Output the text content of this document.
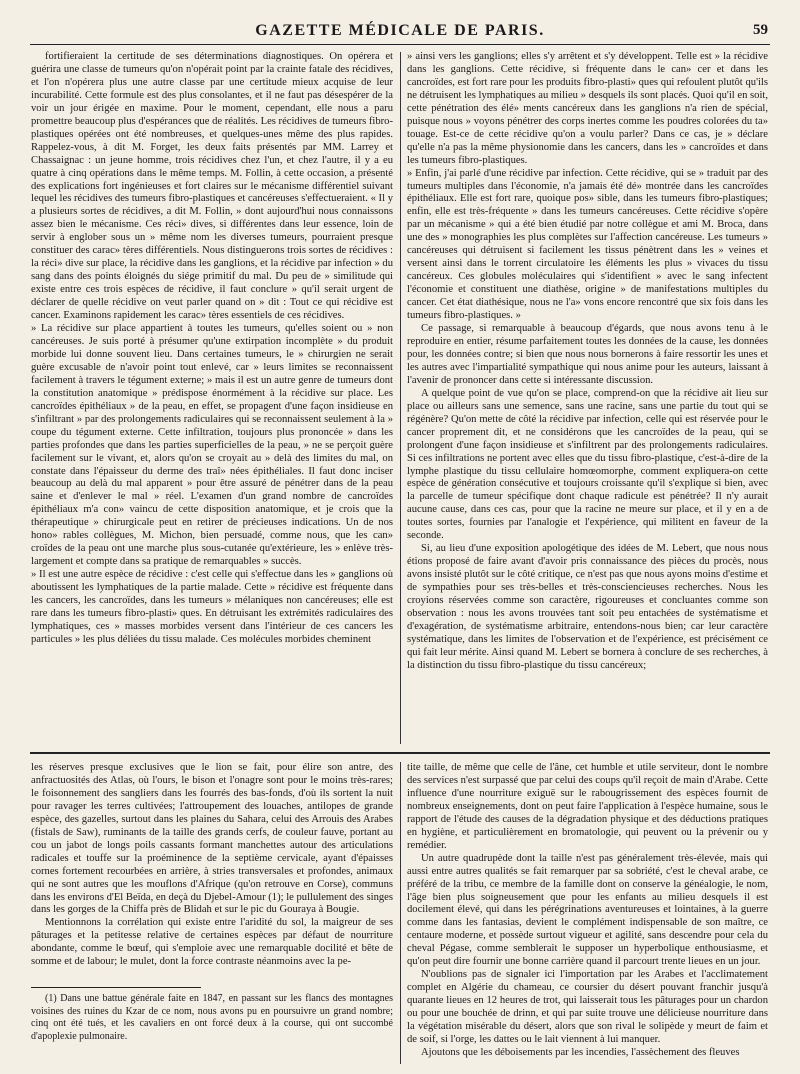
GAZETTE MÉDICALE DE PARIS.	59

fortifieraient la certitude de ses déterminations diagnostiques. On opérera et guérira une classe de tumeurs qu'on n'opérait point par la crainte fatale des récidives, et l'on n'opérera plus une autre classe par une certitude mieux acquise de leur incurabilité. Cette formule est des plus consolantes, et il ne faut pas désespérer de la voir un jour érigée en maxime. Pour le moment, cependant, elle nous a paru promettre beaucoup plus d'espérances que de réalités. Les récidives de tumeurs fibro-plastiques opérées ont été nombreuses, et quelques-unes même des plus rapides. Rappelez-vous, à dit M. Forget, les deux faits présentés par MM. Larrey et Chassaignac : un jeune homme, trois récidives chez l'un, et chez l'autre, il y a eu quatre à cinq opérations dans le même temps. M. Follin, à cette occasion, a présenté des explications fort ingénieuses et fort claires sur le mécanisme différentiel suivant lequel les récidives des tumeurs fibro-plastiques et cancéreuses s'effectueraient. « Il y a plusieurs sortes de récidives, a dit M. Follin, » dont aujourd'hui nous connaissons assez bien le mécanisme. Ces réci» dives, si différentes dans leur essence, loin de servir à englober sous un » même nom les diverses tumeurs, pourraient presque constituer des carac» tères différentiels. Nous distinguerons trois sortes de récidives : la réci» dive sur place, la récidive dans les ganglions, et la récidive par infection » du sang dans des points éloignés du siége primitif du mal. Du peu de » similitude qui existe entre ces trois espèces de récidive, il faut conclure » qu'il serait urgent de déclarer de quelle récidive on veut parler quand on » dit : Tout ce qui récidive est cancer. Examinons rapidement les carac» tères essentiels de ces récidives.

» La récidive sur place appartient à toutes les tumeurs, qu'elles soient ou » non cancéreuses. Je suis porté à présumer qu'une extirpation incomplète » du produit morbide lui donne souvent lieu. Dans certaines tumeurs, le » chirurgien ne serait guère excusable de n'avoir point tout enlevé, car » leurs limites se reconnaissent facilement à travers le tégument externe; » mais il est un autre genre de tumeurs dont la constitution anatomique » prédispose énormément à la récidive sur place. Les cancroïdes épithéliaux » de la peau, en effet, se propagent d'une façon insidieuse en s'infiltrant » par des prolongements radiculaires qui se reconnaissent seulement à la » coupe du tégument externe. Cette infiltration, toujours plus prononcée » dans les parties profondes que dans les parties superficielles de la peau, » ne se perçoit guère facilement sur le vivant, et, alors qu'on se croyait au » delà des limites du mal, on constate dans l'épaisseur du derme des traî» nées épithéliales. Il faut donc inciser beaucoup au delà du mal apparent » pour être assuré de pénétrer dans de la peau saine et d'enlever le mal » réel. L'examen d'un grand nombre de cancroïdes épithéliaux m'a con» vaincu de cette disposition anatomique, et je crois que la thérapeutique » chirurgicale peut en retirer de précieuses indications. Un de nos hono» rables collègues, M. Michon, bien persuadé, comme nous, que les can» croïdes de la peau ont une marche plus sous-cutanée qu'extérieure, les » enlève très-largement et compte dans sa pratique de remarquables » succès.

» Il est une autre espèce de récidive : c'est celle qui s'effectue dans les » ganglions où aboutissent les lymphatiques de la partie malade. Cette » récidive est fréquente dans les cancers, les cancroïdes, dans les tumeurs » mélaniques non cancéreuses; elle est rare dans les tumeurs fibro-plasti» ques. En détruisant les extrémités radiculaires des lymphatiques, ces » masses morbides versent dans l'intérieur de ces cancers les particules » les plus déliées du tissu malade. Ces molécules morbides cheminent

» ainsi vers les ganglions; elles s'y arrêtent et s'y développent. Telle est » la récidive dans les ganglions. Cette récidive, si fréquente dans le can» cer et dans les cancroïdes, est fort rare pour les produits fibro-plasti» ques qui refoulent plutôt qu'ils ne détruisent les lymphatiques au milieu » desquels ils sont placés. Quoi qu'il en soit, cette pénétration des élé» ments cancéreux dans les ganglions n'a rien de spécial, puisque nous » voyons pénétrer des corps inertes comme les poudres colorées du ta» touage. Est-ce de cette récidive qu'on a voulu parler? Dans ce cas, je » déclare qu'elle n'a pas la même physionomie dans les cancers, dans les » cancroïdes et dans les tumeurs fibro-plastiques.

» Enfin, j'ai parlé d'une récidive par infection. Cette récidive, qui se » traduit par des tumeurs multiples dans l'économie, n'a jamais été dé» montrée dans les cancroïdes épithéliaux. Elle est fort rare, quoique pos» sible, dans les tumeurs fibro-plastiques; enfin, elle est très-fréquente » dans les tumeurs cancéreuses. Cette récidive s'opère par un mécanisme » qui a été bien étudié par notre collègue et ami M. Broca, dans une des » monographies les plus complètes sur l'affection cancéreuse. Les tumeurs » cancéreuses qui détruisent si facilement les tissus pénètrent dans les » veines et versent ainsi dans le torrent circulatoire les éléments les plus » vivaces du tissu cancéreux. Ces globules moléculaires qui s'identifient » avec le sang infectent l'économie et constituent une diathèse, origine » de manifestations multiples du cancer. Cet état diathésique, nous ne l'a» vons encore rencontré que six fois dans les tumeurs fibro-plastiques. »

Ce passage, si remarquable à beaucoup d'égards, que nous avons tenu à le reproduire en entier, résume parfaitement toutes les données de la cause, les données pour, les données contre; si bien que nous nous bornerons à faire ressortir les unes et les autres avec l'impartialité sympathique qui nous anime pour les auteurs, laissant à l'avenir de prononcer dans cette si intéressante discussion.

A quelque point de vue qu'on se place, comprend-on que la récidive ait lieu sur place ou ailleurs sans une semence, sans une racine, sans une partie du tout qui se régénère? Qu'on mette de côté la récidive par infection, celle qui est réservée pour le cancer proprement dit, et ne considérons que les cancroïdes de la peau, qui se prolongent d'une façon insidieuse et s'infiltrent par des prolongements radiculaires. Si ces infiltrations ne portent avec elles que du tissu fibro-plastique, c'est-à-dire de la lymphe plastique du tissu cellulaire homœomorphe, comment expliquera-on cette espèce de génération consécutive et toujours croissante qu'il s'explique si bien, avec la parcelle de tumeur spécifique dont chaque radicule est pénétrée? Il n'y aurait aucune cause, dans ces cas, pour que la racine ne meure sur place, et il y en a de toutes sortes, fournies par l'analogie et l'expérience, qui militent en faveur de la seconde.

Si, au lieu d'une exposition apologétique des idées de M. Lebert, que nous nous étions proposé de faire avant d'avoir pris connaissance des pièces du procès, nous avons insisté plutôt sur le côté critique, ce n'est pas que nous ayons moins d'estime et de sympathies pour ses très-belles et très-consciencieuses recherches. Nous les croyions réservées comme son caractère, rigoureuses et concluantes comme son observation : nous les avons trouvées tant soit peu entachées de systématisme et d'exagération, de systématisme arbitraire, entendons-nous bien; car leur caractère systématique, dans les limites de l'observation et de l'expérience, est précisément ce qui fait leur mérite. Ainsi quand M. Lebert se bornera à conclure de ses recherches, à la distinction du tissu fibro-plastique du tissu cancéreux;

les réserves presque exclusives que le lion se fait, pour élire son antre, des anfractuosités des Atlas, où l'ours, le bison et l'onagre sont pour le moins très-rares; le foisonnement des sangliers dans les fourrés des bas-fonds, d'où ils sortent la nuit pour ravager les terres cultivées; l'attroupement des louaches, antilopes de grande espèce, des gazelles, surtout dans les plaines du Sahara, celui des Arrouis des Arabes (fistals de Saw), ruminants de la taille des grands cerfs, de couleur fauve, portant au cou un jabot de longs poils cassants formant manchettes autour des articulations radicales et touffe sur la proéminence de la septième cervicale, ayant d'épaisses cornes fortement recourbées en arrière, à stries transversales et profondes, animaux qui ne sont autres que les mouflons d'Afrique (qu'on retrouve en Corse), communs dans les environs d'El Beïda, en deçà du Djebel-Amour (1); le pullulement des singes dans les gorges de la Chiffa près de Blidah et sur le pic du Gouraya à Bougie.

Mentionnons la corrélation qui existe entre l'aridité du sol, la maigreur de ses pâturages et la petitesse relative de certaines espèces par défaut de nourriture abondante, comme le bœuf, qui s'emploie avec une remarquable docilité et bête de somme et de labour; le mulet, dont la force contraste néanmoins avec la pe-

(1) Dans une battue générale faite en 1847, en passant sur les flancs des montagnes voisines des ruines du Kzar de ce nom, nous avons pu en poursuivre un grand nombre; cinq ont été tués, et les cavaliers en ont forcé deux à la course, qui ont succombé d'apoplexie pulmonaire.

tite taille, de même que celle de l'âne, cet humble et utile serviteur, dont le nombre des services n'est surpassé que par celui des coups qu'il reçoit de main d'Arabe. Cette influence d'une nourriture exiguë sur le rabougrissement des espèces fournit de nombreux enseignements, dont on peut faire l'application à l'espèce humaine, sous le rapport de l'étude des causes de la dégradation physique et des déductions pratiques en hygiène, et particulièrement en bromatologie, qui peuvent ou la prévenir ou y remédier.

Un autre quadrupède dont la taille n'est pas généralement très-élevée, mais qui aussi entre autres qualités se fait remarquer par sa sobriété, c'est le cheval arabe, ce préféré de la tribu, ce membre de la famille dont on conserve la généalogie, le nom, l'âge bien plus soigneusement que pour les enfants au milieu desquels il est docilement élevé, qui dans les pérégrinations aventureuses et lointaines, à la guerre comme dans les fantasias, devient le complément indispensable de son maître, ce centaure moderne, et possède surtout vigueur et agilité, sans descendre pour cela du cheval Pégase, comme semblerait le supposer un hyperbolique enthousiasme, et qu'on peut dire fournir une bonne carrière quand il parcourt trente lieues en un jour.

N'oublions pas de signaler ici l'importation par les Arabes et l'acclimatement complet en Algérie du chameau, ce coursier du désert pouvant franchir jusqu'à quarante lieues en 12 heures de trot, qui laisserait tous les pâturages pour un chardon ou pour une bouchée de drinn, et qui par suite trouve une délicieuse nourriture dans la végétation misérable du désert, alors que son rival le solipède y meurt de faim et de soif, si l'orge, les dattes ou le lait viennent à lui manquer.

Ajoutons que les déboisements par les incendies, l'assèchement des fleuves
